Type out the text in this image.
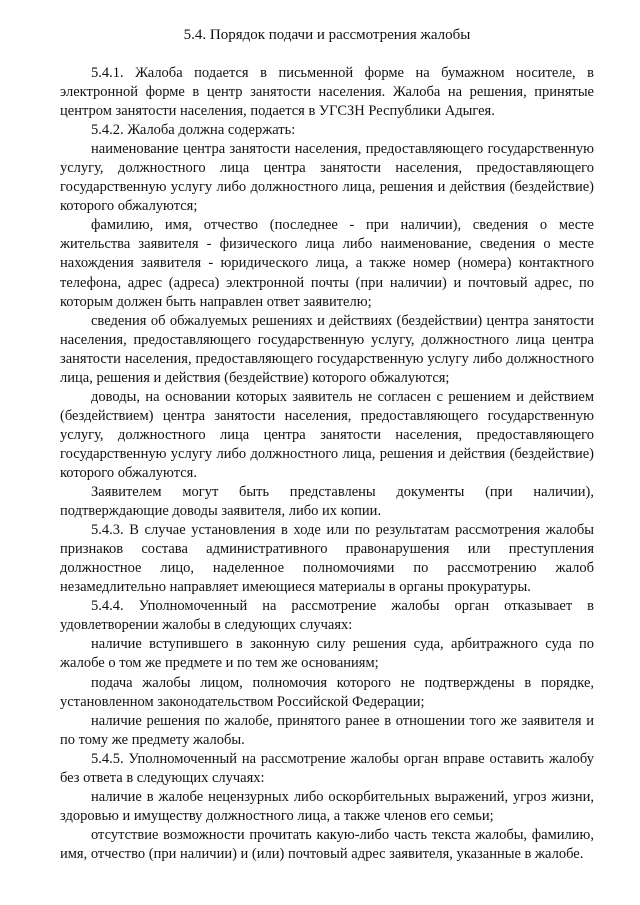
5.4. Порядок подачи и рассмотрения жалобы

5.4.1. Жалоба подается в письменной форме на бумажном носителе, в электронной форме в центр занятости населения. Жалоба на решения, принятые центром занятости населения, подается в УГСЗН Республики Адыгея.

5.4.2. Жалоба должна содержать:

наименование центра занятости населения, предоставляющего государственную услугу, должностного лица центра занятости населения, предоставляющего государственную услугу либо должностного лица, решения и действия (бездействие) которого обжалуются;

фамилию, имя, отчество (последнее - при наличии), сведения о месте жительства заявителя - физического лица либо наименование, сведения о месте нахождения заявителя - юридического лица, а также номер (номера) контактного телефона, адрес (адреса) электронной почты (при наличии) и почтовый адрес, по которым должен быть направлен ответ заявителю;

сведения об обжалуемых решениях и действиях (бездействии) центра занятости населения, предоставляющего государственную услугу, должностного лица центра занятости населения, предоставляющего государственную услугу либо должностного лица, решения и действия (бездействие) которого обжалуются;

доводы, на основании которых заявитель не согласен с решением и действием (бездействием) центра занятости населения, предоставляющего государственную услугу, должностного лица центра занятости населения, предоставляющего государственную услугу либо должностного лица, решения и действия (бездействие) которого обжалуются.

Заявителем могут быть представлены документы (при наличии), подтверждающие доводы заявителя, либо их копии.

5.4.3. В случае установления в ходе или по результатам рассмотрения жалобы признаков состава административного правонарушения или преступления должностное лицо, наделенное полномочиями по рассмотрению жалоб незамедлительно направляет имеющиеся материалы в органы прокуратуры.

5.4.4. Уполномоченный на рассмотрение жалобы орган отказывает в удовлетворении жалобы в следующих случаях:

наличие вступившего в законную силу решения суда, арбитражного суда по жалобе о том же предмете и по тем же основаниям;

подача жалобы лицом, полномочия которого не подтверждены в порядке, установленном законодательством Российской Федерации;

наличие решения по жалобе, принятого ранее в отношении того же заявителя и по тому же предмету жалобы.

5.4.5. Уполномоченный на рассмотрение жалобы орган вправе оставить жалобу без ответа в следующих случаях:

наличие в жалобе нецензурных либо оскорбительных выражений, угроз жизни, здоровью и имуществу должностного лица, а также членов его семьи;

отсутствие возможности прочитать какую-либо часть текста жалобы, фамилию, имя, отчество (при наличии) и (или) почтовый адрес заявителя, указанные в жалобе.
